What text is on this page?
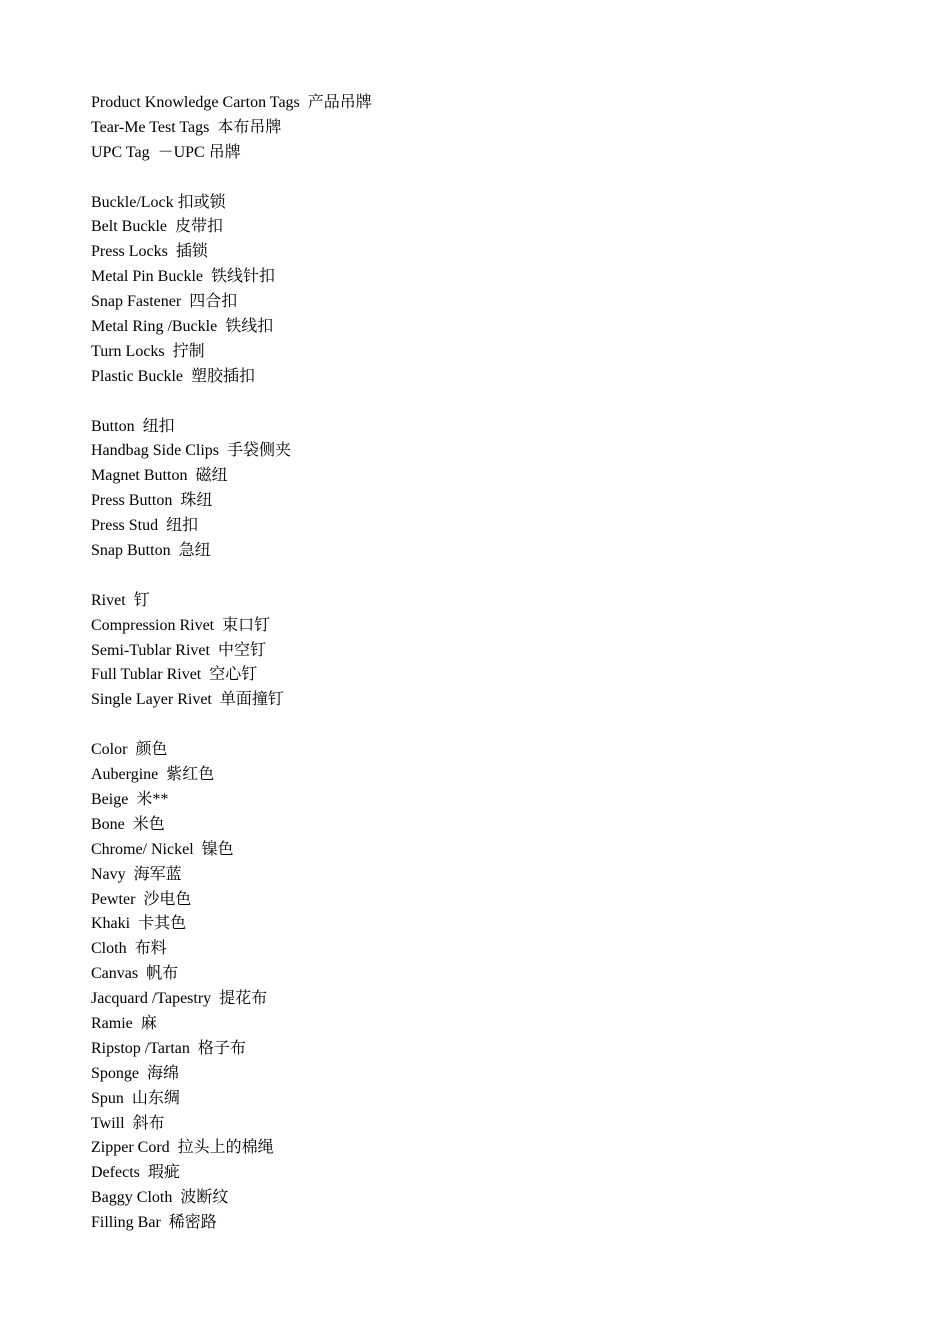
Product Knowledge Carton Tags  产品吊牌
Tear-Me Test Tags  本布吊牌
UPC Tag  －UPC 吊牌
Buckle/Lock 扣或锁
Belt Buckle  皮带扣
Press Locks  插锁
Metal Pin Buckle  铁线针扣
Snap Fastener  四合扣
Metal Ring /Buckle  铁线扣
Turn Locks  拧制
Plastic Buckle  塑胶插扣
Button  纽扣
Handbag Side Clips  手袋侧夹
Magnet Button  磁纽
Press Button  珠纽
Press Stud  纽扣
Snap Button  急纽
Rivet  钉
Compression Rivet  束口钉
Semi-Tublar Rivet  中空钉
Full Tublar Rivet  空心钉
Single Layer Rivet  单面撞钉
Color  颜色
Aubergine  紫红色
Beige  米**
Bone  米色
Chrome/ Nickel  镍色
Navy  海军蓝
Pewter  沙电色
Khaki  卡其色
Cloth  布料
Canvas  帆布
Jacquard /Tapestry  提花布
Ramie  麻
Ripstop /Tartan  格子布
Sponge  海绵
Spun  山东绸
Twill  斜布
Zipper Cord  拉头上的棉绳
Defects  瑕疵
Baggy Cloth  波断纹
Filling Bar  稀密路
